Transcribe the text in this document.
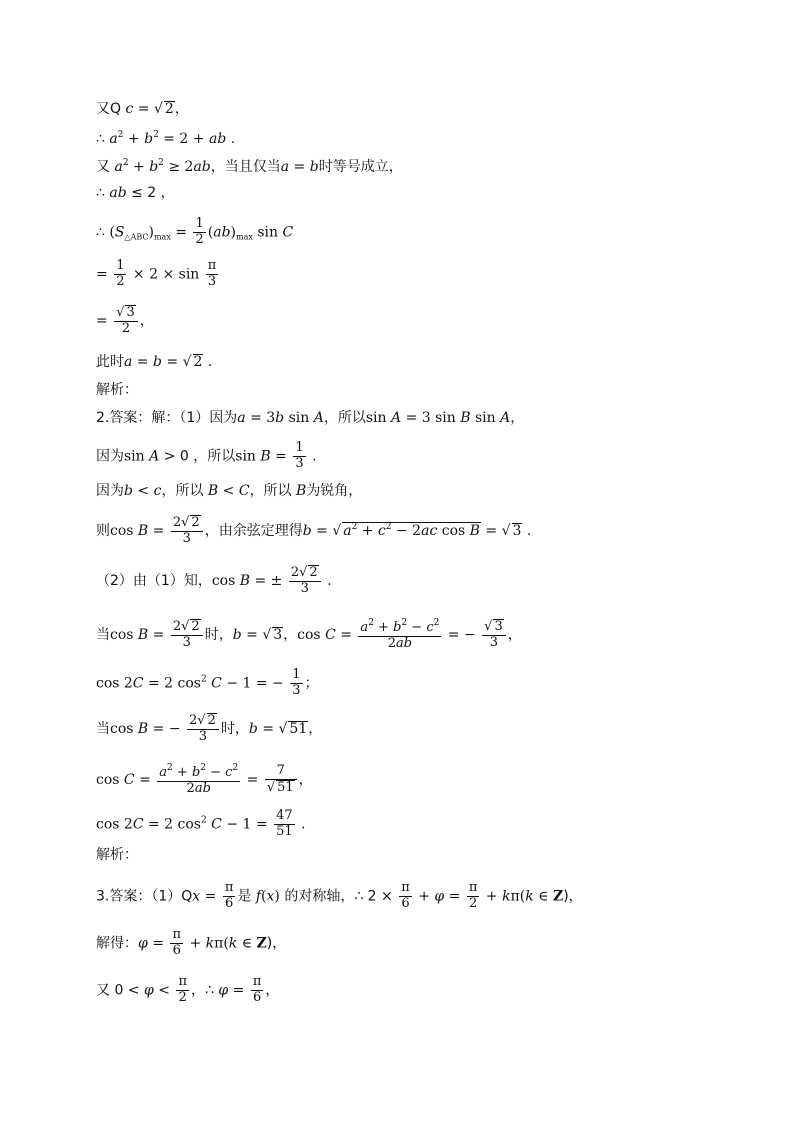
又Q c = √ 2，
∴ $a^2 + b^2 = 2$ + ab .
又 $a^2 + b^2 \ge 2ab$，当且仅当a = b时等号成立，
∴ ab ≤ 2 ，
∴ $(S_{\triangle ABC})_{max} = \frac{1}{2} (ab)_{max}$ sin C
= $\frac{1}{2} \times 2 \times \sin \frac{\pi}{3}$
= $\frac{√ 3}{2}$ ，
此时a = b = √ 2 .
解析：
2.答案：解：（1）因为a = 3b sin A，所以sin A = 3 sin B sin A，
因为sin A > 0 ，所以$\sin B = \frac{1}{3}$ .
因为b < c，所以 B < C，所以 B为锐角，
则$\cos B = \frac{2√ 2}{3}$ ，由余弦定理得b = √ $a^2 + c^2 - 2ac$ cos B = √ 3 .
（2）由（1）知，cos B = ± $\frac{2√ 2}{3}$ .
当$\cos B = \frac{2√ 2}{3}$ 时，b = √ 3，$\cos C = \frac{a^2 + b^2 - c^2}{2ab}$ = − $\frac{√ 3}{3}$ ，
cos 2C = 2 $\cos^2 C - 1$ = − $\frac{1}{3}$ ；
当cos B = − $\frac{2√ 2}{3}$ 时，b = √ 51，
$\cos C = \frac{a^2 + b^2 - c^2}{2ab} = \frac{7}{√ 51}$ ，
cos 2C = 2 $\cos^2 C - 1 = \frac{47}{51}$ .
解析：
3.答案：$(1)Qx = \frac{\pi}{6}$ 是 f(x) 的对称轴，∴ $2 \times \frac{\pi}{6} + \varphi = \frac{\pi}{2} + k\pi(k$ ∈ Z)，
解得：$\varphi = \frac{\pi}{6} + k\pi(k$ ∈ Z)，
又 $0 < \varphi < \frac{\pi}{2}$ ，∴ $\varphi = \frac{\pi}{6}$ ，
